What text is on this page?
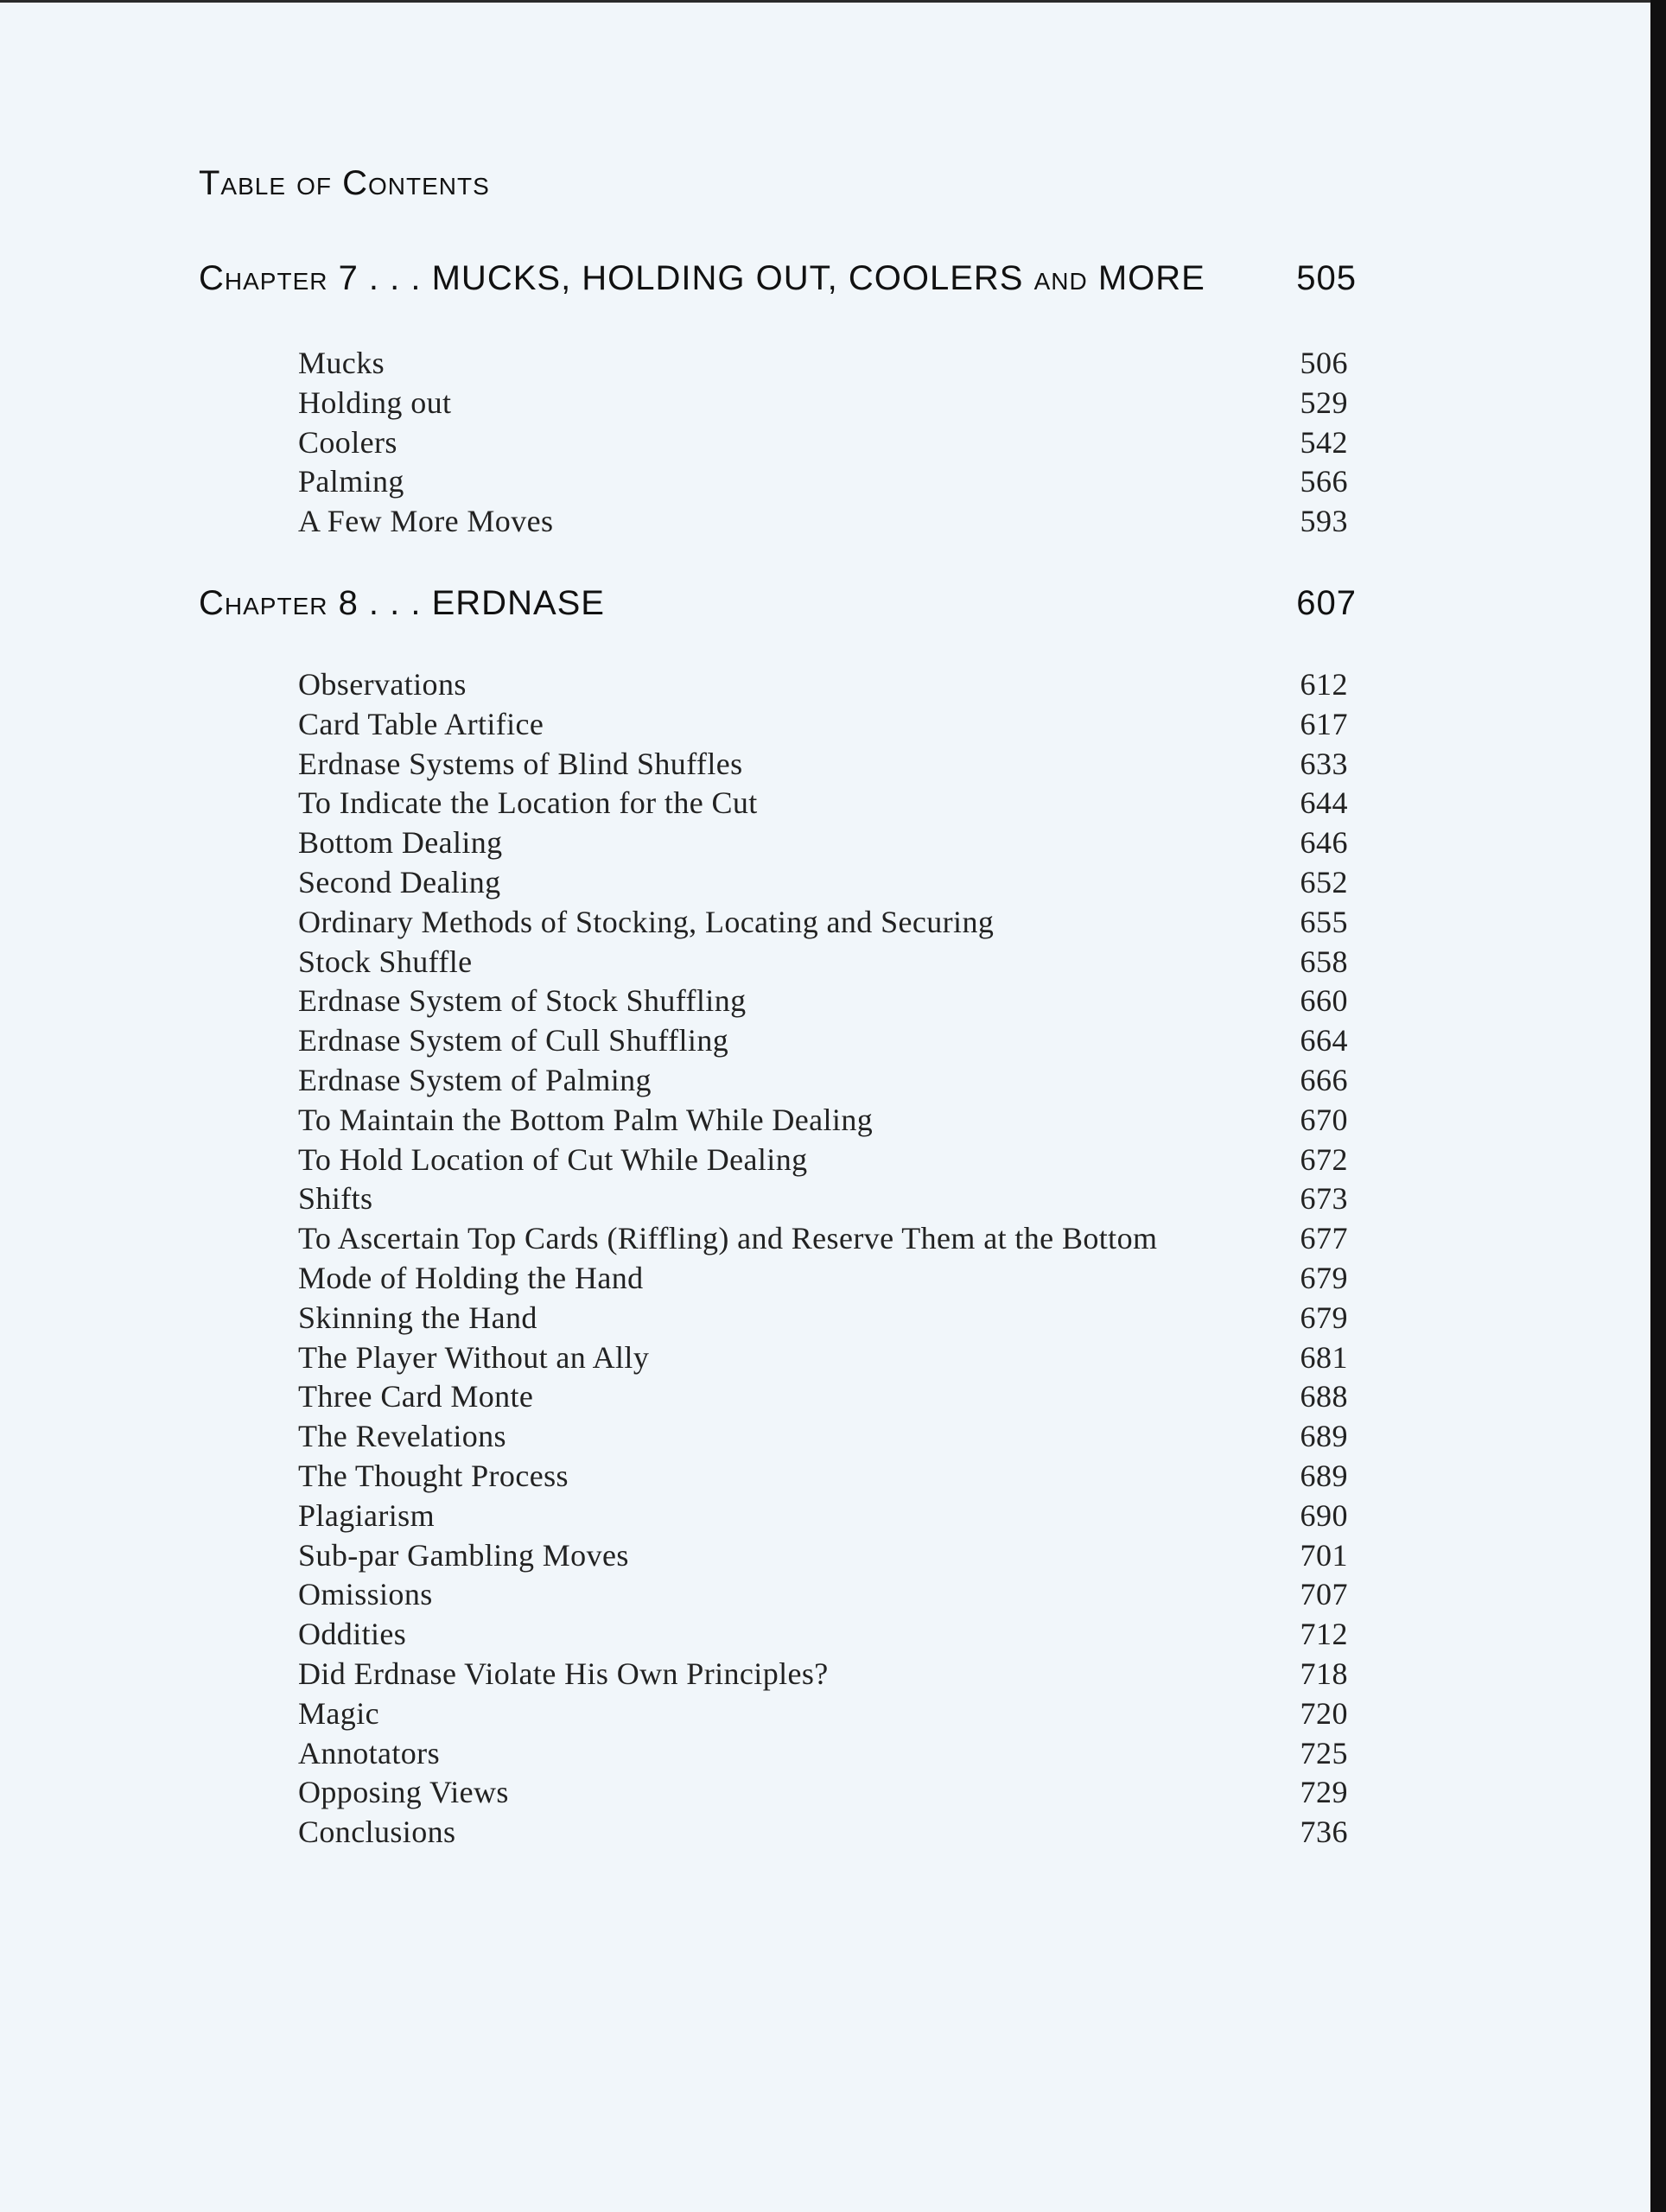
Table of Contents
Chapter 7 . . . MUCKS, HOLDING OUT, COOLERS and MORE	505
Mucks	506
Holding out	529
Coolers	542
Palming	566
A Few More Moves	593
Chapter 8 . . . ERDNASE	607
Observations	612
Card Table Artifice	617
Erdnase Systems of Blind Shuffles	633
To Indicate the Location for the Cut	644
Bottom Dealing	646
Second Dealing	652
Ordinary Methods of Stocking, Locating and Securing	655
Stock Shuffle	658
Erdnase System of Stock Shuffling	660
Erdnase System of Cull Shuffling	664
Erdnase System of Palming	666
To Maintain the Bottom Palm While Dealing	670
To Hold Location of Cut While Dealing	672
Shifts	673
To Ascertain Top Cards (Riffling) and Reserve Them at the Bottom	677
Mode of Holding the Hand	679
Skinning the Hand	679
The Player Without an Ally	681
Three Card Monte	688
The Revelations	689
The Thought Process	689
Plagiarism	690
Sub-par Gambling Moves	701
Omissions	707
Oddities	712
Did Erdnase Violate His Own Principles?	718
Magic	720
Annotators	725
Opposing Views	729
Conclusions	736
